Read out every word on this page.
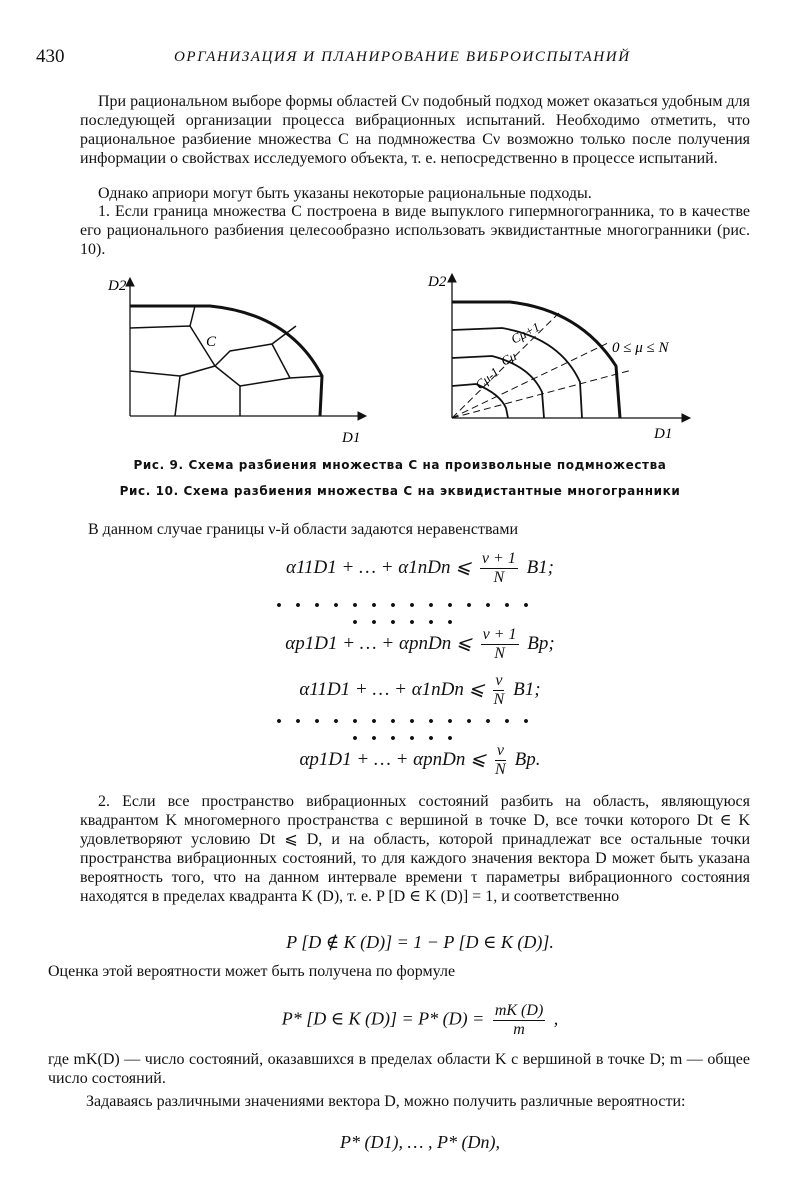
430	ОРГАНИЗАЦИЯ И ПЛАНИРОВАНИЕ ВИБРОИСПЫТАНИЙ
При рациональном выборе формы областей Cν подобный подход может оказаться удобным для последующей организации процесса вибрационных испытаний. Необходимо отметить, что рациональное разбиение множества C на подмножества Cν возможно только после получения информации о свойствах исследуемого объекта, т. е. непосредственно в процессе испытаний.
Однако априори могут быть указаны некоторые рациональные подходы.
1. Если граница множества C построена в виде выпуклого гипермногогранника, то в качестве его рационального разбиения целесообразно использовать эквидистантные многогранники (рис. 10).
D2
D1
C
D2
D1
Cμ+1
Cμ
Cμ-1
0 ≤ μ ≤ N
Рис. 9. Схема разбиения множества C на произвольные подмножества
Рис. 10. Схема разбиения множества C на эквидистантные многогранники
В данном случае границы ν-й области задаются неравенствами
α11D1 + … + α1nDn ⩽ $\frac{\nu + 1}{N} B1$;
• • • • • • • • • • • • • • • • • • • •
αp1D1 + … + αpnDn ⩽ $\frac{\nu + 1}{N} Bp$;
α11D1 + … + α1nDn ⩽ $\frac{\nu}{N} B1$;
• • • • • • • • • • • • • • • • • • • •
αp1D1 + … + αpnDn ⩽ $\frac{\nu}{N} Bp$.
2. Если все пространство вибрационных состояний разбить на область, являющуюся квадрантом K многомерного пространства с вершиной в точке D, все точки которого Dt ∈ K удовлетворяют условию Dt ⩽ D, и на область, которой принадлежат все остальные точки пространства вибрационных состояний, то для каждого значения вектора D может быть указана вероятность того, что на данном интервале времени τ параметры вибрационного состояния находятся в пределах квадранта K (D), т. е. P [D ∈ K (D)] = 1, и соответственно
P [D ∉ K (D)] = 1 − P [D ∈ K (D)].
Оценка этой вероятности может быть получена по формуле
P* [D ∈ K (D)] = P* $(D) = \frac{mK (D)}{m}$ ,
где mK(D) — число состояний, оказавшихся в пределах области K с вершиной в точке D; m — общее число состояний.
Задаваясь различными значениями вектора D, можно получить различные вероятности:
P* (D1), … , P* (Dn),
